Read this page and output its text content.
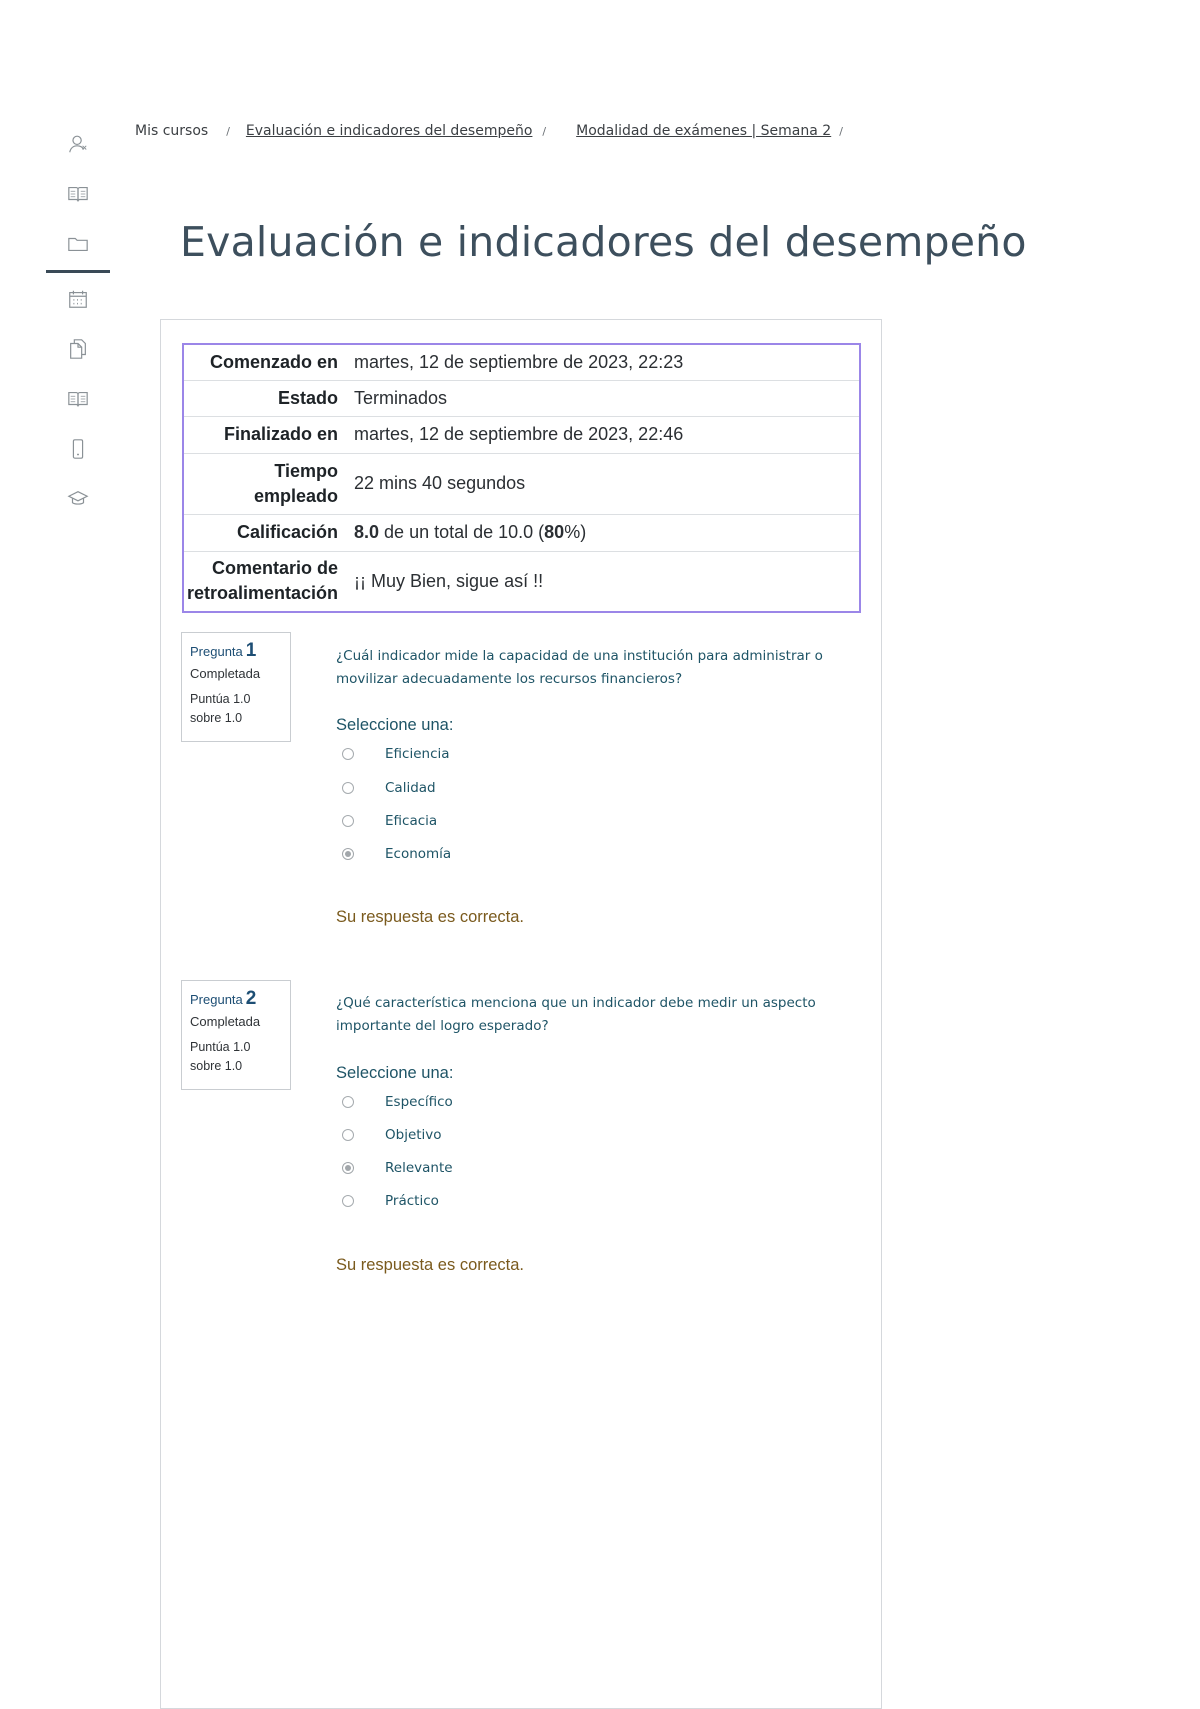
Mis cursos / Evaluación e indicadores del desempeño / Modalidad de exámenes | Semana 2 /
Evaluación e indicadores del desempeño
Comenzado en	martes, 12 de septiembre de 2023, 22:23
Estado	Terminados
Finalizado en	martes, 12 de septiembre de 2023, 22:46
Tiempo empleado	22 mins 40 segundos
Calificación	8.0 de un total de 10.0 (80%)
Comentario de retroalimentación	¡¡ Muy Bien, sigue así !!
Pregunta 1
Completada
Puntúa 1.0 sobre 1.0
¿Cuál indicador mide la capacidad de una institución para administrar o movilizar adecuadamente los recursos financieros?
Seleccione una:
Eficiencia
Calidad
Eficacia
Economía
Su respuesta es correcta.
Pregunta 2
Completada
Puntúa 1.0 sobre 1.0
¿Qué característica menciona que un indicador debe medir un aspecto importante del logro esperado?
Seleccione una:
Específico
Objetivo
Relevante
Práctico
Su respuesta es correcta.
